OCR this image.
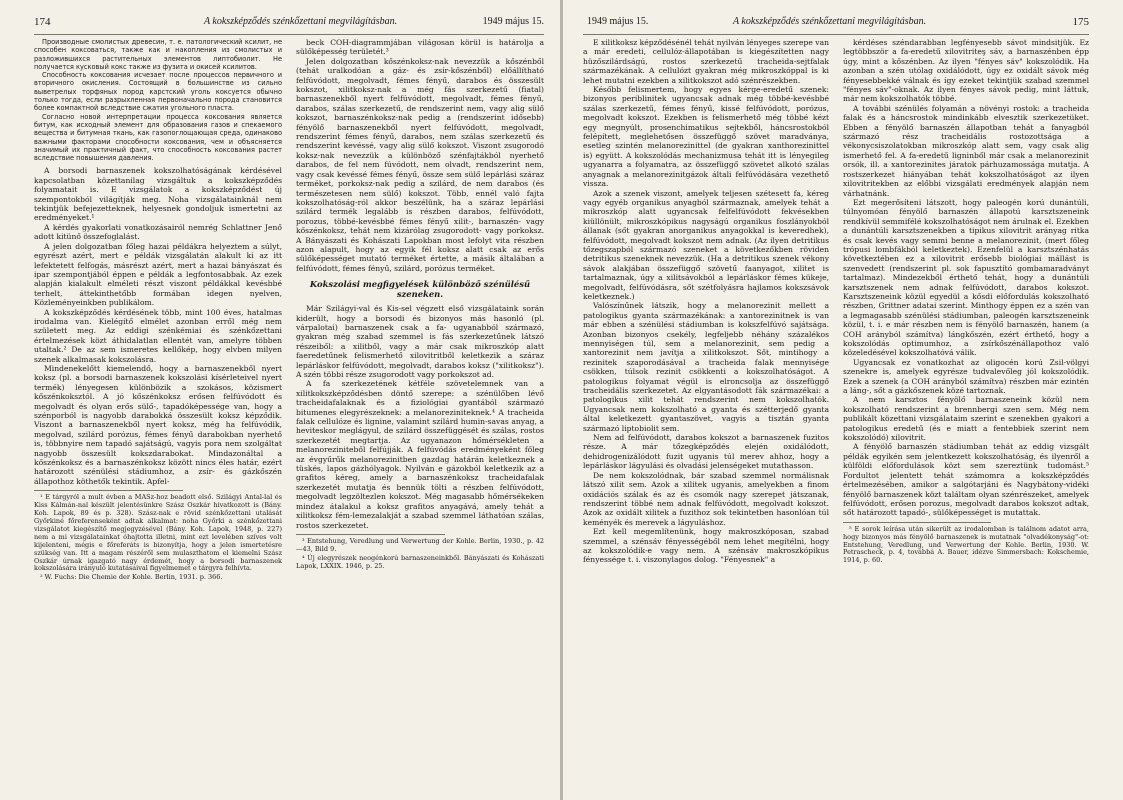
174	A kokszképződés szénkőzettani megvilágításban.	1949 május 15.

Производные смолистых древесин, т. е. патологический ксилит, не способен коксоваться, также как и накопления из смолистых и разложившихся растительных элементов липтобиолит. Не получается кусковый кокс также из фузита и окисей ксилитов.

Способность коксования исчезает после процессов первичного и вторичного окисления. Состоящий в большинстве из сильно выветрелых торфяных пород карстский уголь коксуется обычно только тогда, если разрыхленная первоначально порода становится более компактной вследствие сжатия угольного пласта.

Согласно новой интерпретации процесса коксования является битум, как исходный элемент для образования газов и спекаемого вещества и битумная ткань, как газопоглощающая среда, одинаково важными факторами способности коксования, чем и объясняется значимый их практичный факт, что способность коксования растет вследствие повышения давления.

A borsodi barnaszenek kokszolhatóságának kérdésével kapcsolatban közettanilag vizsgáltuk a kokszképződés folyamatait is. E vizsgálatok a kokszképződést új szempontokból világítják meg. Noha vizsgálatainknál nem tekintjük befejezetteknek, helyesnek gondoljuk ismertetni az eredményeket.¹

A kérdés gyakorlati vonatkozásairól nemrég Schlattner Jenő adott kitünő összefoglalást.

A jelen dolgozatban főleg hazai példákra helyeztem a súlyt, egyrészt azért, mert e példák vizsgálatán alakult ki az itt lefektetett felfogás, másrészt azért, mert a hazai bányászat és ipar szempontjából éppen e példák a legfontosabbak. Az ezek alapján kialakult elméleti részt viszont példákkal kevésbbé terhelt, áttekinthetőbb formában idegen nyelven, Közleményeinkben publikálom.

A kokszképződés kérdésének több, mint 100 éves, hatalmas irodalma van. Kielégítő elmélet azonban erről még nem született meg. Az eddigi szénkémiai és szénkőzettani értelmezések közt áthidalatlan ellentét van, amelyre többen utaltak.² De az sem ismeretes kellőkép, hogy elvben milyen szenek alkalmasak kokszolásra.

Mindenekelőtt kiemelendő, hogy a barnaszenekből nyert koksz (pl. a borsodi barnaszenek kokszolási kísérleteivel nyert termék) lényegesen különbözik a szokásos, közismert kőszénkoksztól. A jó kőszénkoksz erősen felfúvódott és megolvadt és olyan erős sülő-, tapadóképessége van, hogy a szénporból is nagyobb darabokká összesült koksz képződik. Viszont a barnaszenekből nyert koksz, még ha felfúvódik, megolvad, szilárd porózus, fémes fényű darabokban nyerhető is, többnyire nem tapadó sajátságú, vagyis pora nem szolgáltat nagyobb összesült kokszdarabokat. Mindazonáltal a kőszénkoksz és a barnaszénkoksz között nincs éles határ, ezért határozott szénülési stádiumhoz, a zsír- és gázkőszén állapothoz köthetők tekintik. Apfel-

¹ E tárgyról a mult évben a MASz-hoz beadott első. Szilágyi Antal-lal és Kiss Kálmán-nal készült jelentésünkre Szász Oszkár hivatkozott is (Bány. Koh. Lapok, 89 és p. 328). Szász-nak e rövid szénkőzettani utalását Győrkiné főreferenseként adtak alkalmat: noha Győrki a szénkőzettani vizsgálatot kiegészítő megjegyzésével (Bány. Koh. Lapok, 1948, p. 227) nem a mi vizsgálatainkat óhajtotta illetni, mint ezt levelében szíves volt kijelenteni, mégis e főreferáts is bizonyítja, hogy a jelen ismertetésre szükség van. Itt a magam részéről sem mulaszthatom el kiemelni Szász Oszkár úrnak igazgató nagy érdemét, hogy a borsodi barnaszenek kokszolására irányuló kutatásaival figyelmemet e tárgyra felhívta.

² W. Fuchs: Die Chemie der Kohle. Berlin, 1931. p. 366.

beck COH-diagrammjában világosan körül is határolja a sülőképesség területét.³

Jelen dolgozatban kőszénkoksz-nak nevezzük a kőszénből (tehát uralkodóan a gáz- és zsír-kőszénből) előállítható felfúvódott, megolvadt, fémes fényű, darabos és összesült kokszot, xilitkoksz-nak a még fás szerkezetű (fiatal) barnaszenekből nyert felfúvódott, megolvadt, fémes fényű, darabos, szálas szerkezetű, de rendszerint nem, vagy alig sülő kokszot, barnaszénkoksz-nak pedig a (rendszerint idősebb) fényölő barnaszenekből nyert felfúvódott, megolvadt, rendszerint fémes fényű, darabos, nem szálas szerkezetű és rendszerint kevéssé, vagy alig sülő kokszot. Viszont zsugorodó koksz-nak nevezzük a különböző szénfajtákból nyerhető darabos, de fel nem fúvódott, nem olvadt, rendszerint nem, vagy csak kevéssé fémes fényű, össze sem sülő lepárlási száraz terméket, porkoksz-nak pedig a szilárd, de nem darabos (és természetesen nem sülő) kokszot. Több, ennél való fajta kokszolhatóság-ról akkor beszélünk, ha a száraz lepárlási szilárd termék legalább is részben darabos, felfúvódott, porozus, többé-kevésbbé fémes fényű xilit-, barnaszén- vagy kőszénkoksz, tehát nem kizárólag zsugorodott- vagy porkoksz. A Bányászati és Kohászati Lapokban most lefolyt vita részben azon alapult, hogy az egyik fél koksz alatt csak az erős sülőképességet mutató terméket értette, a másik általában a felfúvódott, fémes fényű, szilárd, porózus terméket.

Kokszolási megfigyelések különböző szénülésű szeneken.

Már Szilágyi-val és Kis-sel végzett első vizsgálataink során kiderült, hogy a borsodi és bizonyos más hasonló (pl. várpalotai) barnaszenek csak a fa- ugyanabból származó, gyakran még szabad szemmel is fás szerkezetűnek látszó részeiből: a xilitből, vagy a már csak mikroszkóp alatt faeredetűnek felismerhető xilovitritből keletkezik a száraz lepárláskor felfúvódott, megolvadt, darabos koksz ("xilitkoksz"). A szén többi része zsugorodott vagy porkokszot ad.

A fa szerkezetének kétféle szövetelemnek van a xilitkokszképződésben döntő szerepe: a szénülőben lévő tracheidafalaknak és a fiziológiai gyantából származó bitumenes elegyrészeknek: a melanoreziniteknek.⁴ A tracheida falak cellulóze és lignine, valamint szilárd humin-savas anyag, a heviteskor meglágyul, de szilárd összefüggését és szálas, rostos szerkezetét megtartja. Az ugyanazon hőmérsékleten a melanoreziniteből felfújják. A felfúvódás eredményeként főleg az évgyűrűk melanorezinitben gazdag határán keletkeznek a tüskés, lapos gázhólyagok. Nyilván e gázokból keletkezik az a grafitos kéreg, amely a barnaszénkoksz tracheidafalak szerkezetét mutatja és bennük tölti a részben felfúvódott, megolvadt legzöltezlen kokszot. Még magasabb hőmérsékeken mindez átalakul a koksz grafitos anyagává, amely tehát a xilitkoksz fém-lemezalakját a szabad szemmel láthatóan szálas, rostos szerkezetet.

³ Entstehung, Veredlung und Verwertung der Kohle. Berlin, 1930., p. 42—43, Bild 9.

⁴ Új elegyrészek neogénkorú barnaszeneinkből. Bányászati és Kohászati Lapok, LXXIX. 1946, p. 25.

1949 május 15.	A kokszképződés szénkőzettani megvilágításban.	175

E xilitkoksz képződésénél tehát nyilván lényeges szerepe van a már eredeti, cellulóz-állapotában is kiegészítetten nagy hüzőszilárdságú, rostos szerkezetű tracheida-sejtfalak származékának. A cellulózt gyakran még mikroszkóppal is ki lehet mutatni ezekben a xilitkokszot adó szénrészekben.

Később felismertem, hogy egyes kérge-eredetű szenek: bizonyos periblinitek ugyancsak adnak még többé-kevésbbé szálas szerkezetű, fémes fényű, kissé felfúvódott, porózus, megolvadt kokszot. Ezekben is felismerhető még többé kézt egy megnyúlt, prosenchimatikus sejtekből, háncsrostokból felépített, meglehetősen összefüggő szövet maradványa, esetleg szintén melanorezinittel (de gyakran xanthorezinittel is) együtt. A kokszolódás mechanizmusa tehát itt is lényegileg ugyanarra a folyamatra, az összefüggő szövetet alkotó szálas anyagnak a melanorezinitgázok általi felfúvódására vezethető vissza.

Azok a szenek viszont, amelyek teljesen szétesett fa, kéreg vagy egyéb organikus anyagból származnak, amelyek tehát a mikroszkóp alatt ugyancsak felfelfúvódott fekvésekben kiüllönült, mikroszkópikus nagyságú organikus foszlányokból állanak (sőt gyakran anorganikus anyagokkal is keveredhek), felfúvódott, megolvadt kokszot nem adnak. (Az ilyen detritikus tőzegszapból származó szeneket a következőkben röviden detritikus szeneknek nevezzük. (Ha a detritikus szenek vékony sávok alakjában összefüggő szövetű faanyagot, xilitet is tartalmaznak, úgy a xilitsávokból a lepárláskor fémes kükeje, megolvadt, felfúvódásra, sőt szétfolyásra hajlamos kokszsávok keletkeznek.)

Valószínűnek látszik, hogy a melanorezinit mellett a patologikus gyanta származékának: a xantorezinitnek is van már ebben a szénülési stádiumban is kokszfelfúvó sajátsága. Azonban bizonyos csekély, legfeljebb néhány százalékos mennyiségen túl, sem a melanorezinit, sem pedig a xantorezinit nem javítja a xilitkokszot. Sőt, mintihogy a rezinitek szaporodásával a tracheida falak mennyisége csökken, túlsok rezinit csökkenti a kokszolhatóságot. A patologikus folyamat végül is elroncsolja az összefüggő tracheidális szerkezetet. Az elgyantásodott fák származékai: a patologikus xilit tehát rendszerint nem kokszolhatók. Ugyancsak nem kokszolható a gyanta és szétterjedő gyanta által keletkezett gyantaszövet, vagyis a tisztán gyanta származó liptobiolit sem.

Nem ad felfúvódott, darabos kokszot a barnaszenek fuzitos része. A már tőzegképződés elején oxidálódott, dehidrogenizálódott fuzit ugyanis túl merev ahhoz, hogy a lepárláskor lágyulási és olvadási jelenségeket mutathasson.

De nem kokszolódnak, bár szabad szemmel normálisnak látszó xilit sem. Azok a xilitek ugyanis, amelyekben a finom oxidációs szálak és az és csomók nagy szerepet játszanak, rendszerint többé nem adnak felfúvódott, megolvadt kokszot. Azok az oxidált xilitek a fuzithoz sok tekintetben hasonlóan túl keményék és merevek a lágyuláshoz.

Ezt kell megemlítenünk, hogy makroszkóposan, szabad szemmel, a szénsáv fényességéből nem lehet megítélni, hogy az kokszolódik-e vagy nem. A szénsáv makroszkópikus fényessége t. i. viszonylagos dolog. "Fényesnek" a

kérdéses széndarabban legfényesebb sávot mindsitjük. Ez legtöbbször a fa-eredetű xilovitriteş sáv, a barnaszénben épp úgy, mint a kőszénben. Az ilyen "fényes sáv" kokszolódik. Ha azonban a szén utólag oxidálódott, úgy ez oxidált sávok még fényesebbekké válnak és így ezeket tekintjük szabad szemmel "fényes sáv"-oknak. Az ilyen fényes sávok pedig, mint láttuk, már nem kokszolhatók többé.

A további szénülés folyamán a növényi rostok: a tracheida falak és a háncsrostok mindinkább elvesztik szerkezetüket. Ebben a fényölő barnaszén állapotban tehát a fanyagból származó rész tracheidális rostozottsága a vékonycsiszolatokban mikroszkóp alatt sem, vagy csak alig ismerhető fel. A fa-eredetű ligninből már csak a melanorezinit orsók, ill. a xantorezinites járatok párhuzamossága mutatja. A rostszerkezet hiányában tehát kokszolhatóságot az ilyen xilovitritekben az előbbi vizsgálati eredmények alapján nem várhatnánk.

Ezt megerősíteni látszott, hogy paleogén korú dunántúli, túlnyomóan fényölő barnaszén állapotú karsztszeneink rendkívül semmifélé kokszolhatóságot nem árulnak el. Ezekben a dunántúli karsztszenekben a tipikus xilovitrit arányag ritka és csak kevés vagy semmi benne a melanorezinit, (mert főleg trópusi lombfákból keletkeztek). Ezenfelül a karsztszénhatás következtében ez a xilovitrit erősebb biológiai mállást is szenvedett (rendszerint pl. sok fapusztító gombamaradványt tartalmaz). Mindezekből érthető tehát, hogy a dunántúli karsztszenek nem adnak felfúvódott, darabos kokszot. Karsztszeneink közül egyedül a kősdi előfordulás kokszolható részben, Grittner adatai szerint. Minthogy éppen ez a szén van a legmagasabb szénülési stádiumban, paleogén karsztszeneink közül, t. i. e már részben nem is fényölő barnaszén, hanem (a COH arányból számítva) lángkőszén, ezért érthető, hogy a kokszolódás optimumhoz, a zsírkőszénállapothoz való közeledésével kokszolhatóvá válik.

Ugyancsak ez vonatkozhat az oligocén korú Zsil-völgyi szenekre is, amelyek egyrésze tudvalevőleg jól kokszolódik. Ezek a szenek (a COH arányból számítva) részben már ezintén a láng-, sőt a gázkőszenek közé tartoznak.

A nem karsztos fényölő barnaszeneink közül nem kokszolható rendszerint a brennbergi szen sem. Még nem publikált közettani vizsgálataim szerint e szenekben gyakori a patologikus eredetű (és e miatt a fentebbiek szerint nem kokszolódó) xilovitrit.

A fényölő barnaszén stádiumban tehát az eddig vizsgált példák egyikén sem jelentkezett kokszolhatóság, és ilyenről a külföldi előfordulások közt sem szereztünk tudomást.⁵ Fordultot jelentett tehát számomra a kokszképződés értelmezésében, amikor a salgótarjáni és Nagybátony-vidéki fényölő barnaszenek közt találtam olyan szénrészeket, amelyek felfúvódott, erősen porozus, megolvadt darabos kokszot adtak, sőt határozott tapadó-, sülőképességet is mutattak.

⁵ E sorok leírása után sikerült az irodalomban is találnom adatot arra, hogy bizonyos más fényölő barnaszenek is mutatnak "olvadékonyság"-ot: Entstehung, Veredlung, und Verwertung der Kohle. Berlin, 1930. W. Petrascheck, p. 4, továbbá A. Bauer, idézve Simmersbach: Kokschemie, 1914, p. 60.
